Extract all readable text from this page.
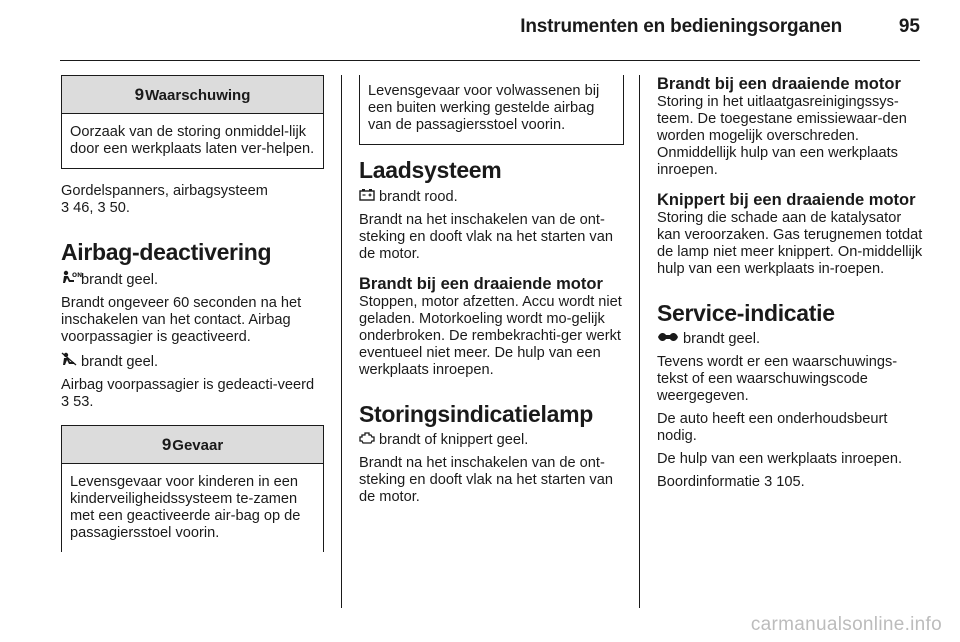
Instrumenten en bedieningsorganen	95
9Waarschuwing
Oorzaak van de storing onmiddel-lijk door een werkplaats laten ver-helpen.
Gordelspanners, airbagsysteem
3 46, 3 50.
Airbag-deactivering
ON
brandt geel.
Brandt ongeveer 60 seconden na het inschakelen van het contact. Airbag voorpassagier is geactiveerd.
brandt geel.
Airbag voorpassagier is gedeacti-veerd 3 53.
9Gevaar
Levensgevaar voor kinderen in een kinderveiligheidssysteem te-zamen met een geactiveerde air-bag op de passagiersstoel voorin.
Levensgevaar voor volwassenen bij een buiten werking gestelde airbag van de passagiersstoel voorin.
Laadsysteem
brandt rood.
Brandt na het inschakelen van de ont-steking en dooft vlak na het starten van de motor.
Brandt bij een draaiende motor
Stoppen, motor afzetten. Accu wordt niet geladen. Motorkoeling wordt mo-gelijk onderbroken. De rembekrachti-ger werkt eventueel niet meer. De hulp van een werkplaats inroepen.
Storingsindicatielamp
brandt of knippert geel.
Brandt na het inschakelen van de ont-steking en dooft vlak na het starten van de motor.
Brandt bij een draaiende motor
Storing in het uitlaatgasreinigingssys-teem. De toegestane emissiewaar-den worden mogelijk overschreden. Onmiddellijk hulp van een werkplaats inroepen.
Knippert bij een draaiende motor
Storing die schade aan de katalysator kan veroorzaken. Gas terugnemen totdat de lamp niet meer knippert. On-middellijk hulp van een werkplaats in-roepen.
Service-indicatie
brandt geel.
Tevens wordt er een waarschuwings-tekst of een waarschuwingscode weergegeven.
De auto heeft een onderhoudsbeurt nodig.
De hulp van een werkplaats inroepen.
Boordinformatie 3 105.
carmanualsonline.info
